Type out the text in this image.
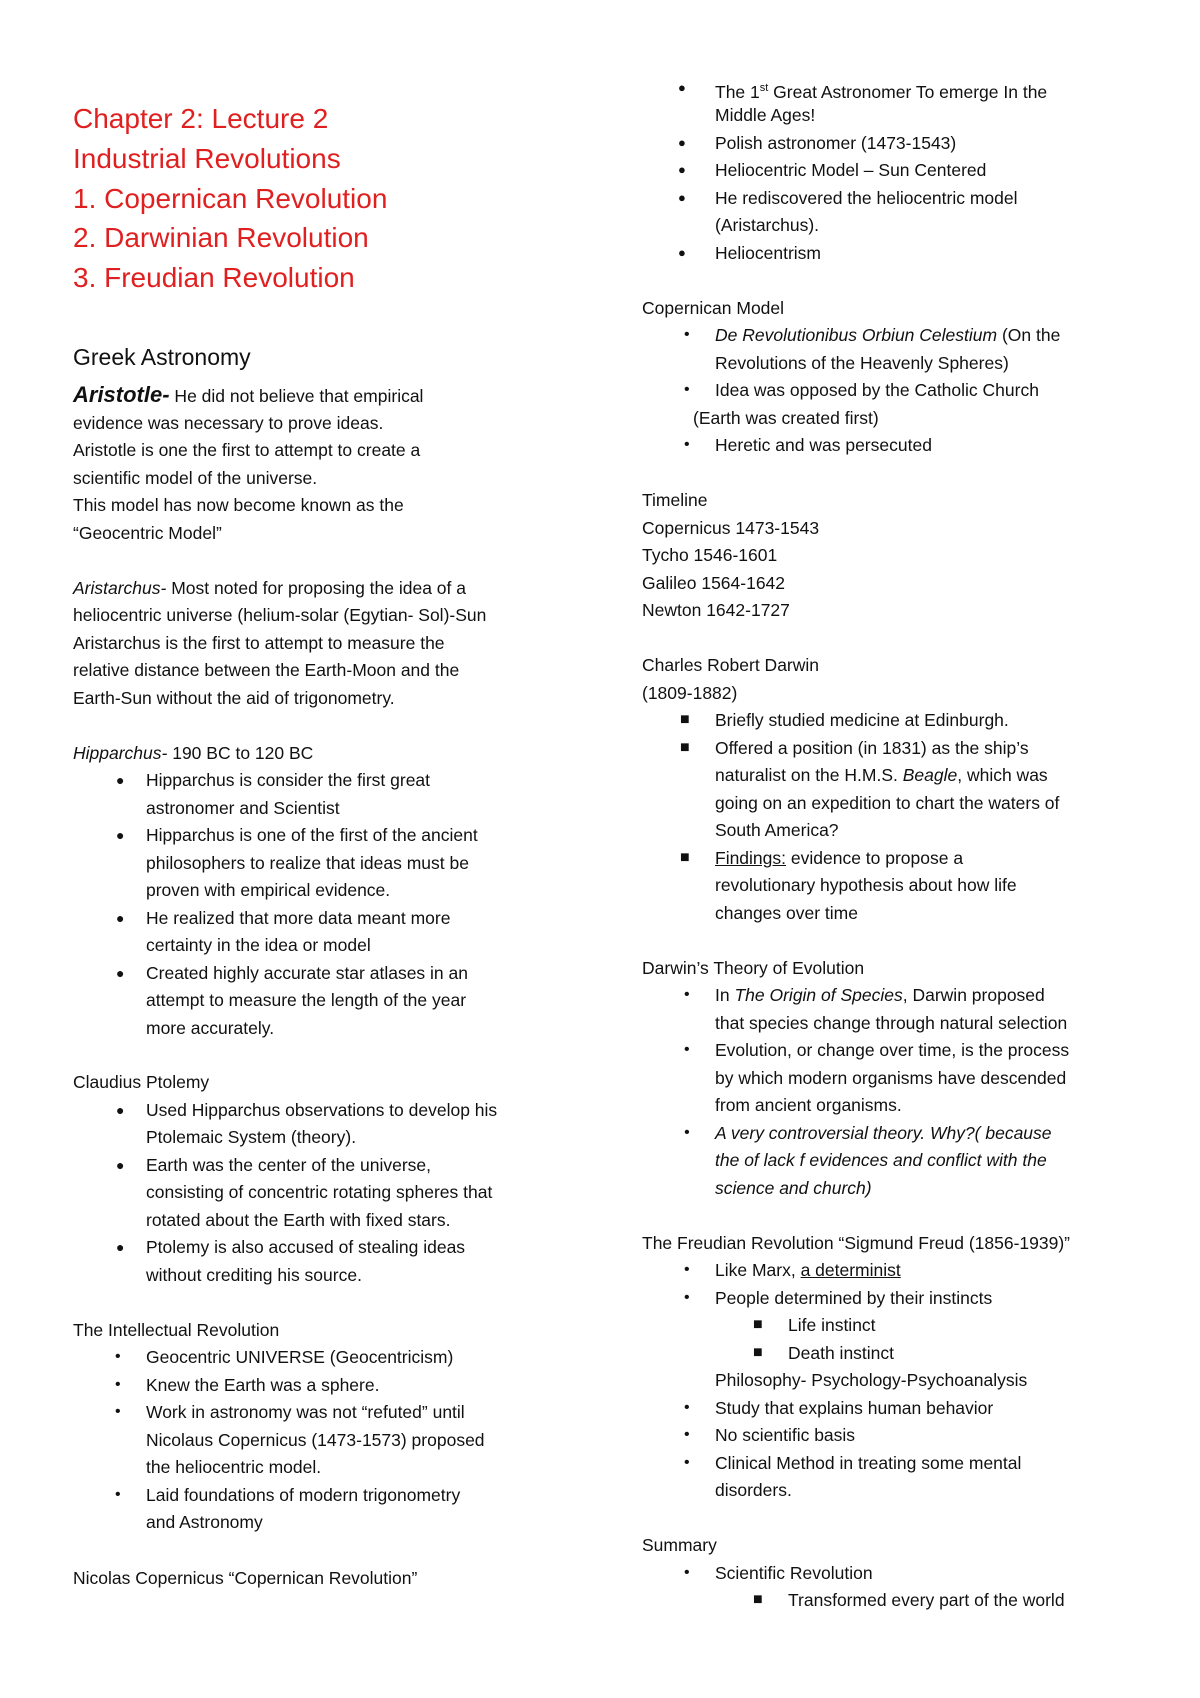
Chapter 2: Lecture 2
Industrial Revolutions
1. Copernican Revolution
2. Darwinian Revolution
3. Freudian Revolution
Greek Astronomy
Aristotle- He did not believe that empirical
evidence was necessary to prove ideas.
Aristotle is one the first to attempt to create a
scientific model of the universe.
This model has now become known as the
“Geocentric Model”
Aristarchus- Most noted for proposing the idea of a
heliocentric universe (helium-solar (Egytian- Sol)-Sun
Aristarchus is the first to attempt to measure the
relative distance between the Earth-Moon and the
Earth-Sun without the aid of trigonometry.
Hipparchus- 190 BC to 120 BC
● Hipparchus is consider the first great
astronomer and Scientist
● Hipparchus is one of the first of the ancient
philosophers to realize that ideas must be
proven with empirical evidence.
● He realized that more data meant more
certainty in the idea or model
● Created highly accurate star atlases in an
attempt to measure the length of the year
more accurately.
Claudius Ptolemy
● Used Hipparchus observations to develop his
Ptolemaic System (theory).
● Earth was the center of the universe,
consisting of concentric rotating spheres that
rotated about the Earth with fixed stars.
● Ptolemy is also accused of stealing ideas
without crediting his source.
The Intellectual Revolution
• Geocentric UNIVERSE (Geocentricism)
• Knew the Earth was a sphere.
• Work in astronomy was not “refuted” until
Nicolaus Copernicus (1473-1573) proposed
the heliocentric model.
• Laid foundations of modern trigonometry
and Astronomy
Nicolas Copernicus “Copernican Revolution”
● The 1st Great Astronomer To emerge In the
Middle Ages!
● Polish astronomer (1473-1543)
● Heliocentric Model – Sun Centered
● He rediscovered the heliocentric model
(Aristarchus).
● Heliocentrism
Copernican Model
• De Revolutionibus Orbiun Celestium (On the
Revolutions of the Heavenly Spheres)
• Idea was opposed by the Catholic Church
(Earth was created first)
• Heretic and was persecuted
Timeline
Copernicus 1473-1543
Tycho 1546-1601
Galileo 1564-1642
Newton 1642-1727
Charles Robert Darwin
(1809-1882)
■ Briefly studied medicine at Edinburgh.
■ Offered a position (in 1831) as the ship’s
naturalist on the H.M.S. Beagle, which was
going on an expedition to chart the waters of
South America?
■ Findings: evidence to propose a
revolutionary hypothesis about how life
changes over time
Darwin’s Theory of Evolution
• In The Origin of Species, Darwin proposed
that species change through natural selection
• Evolution, or change over time, is the process
by which modern organisms have descended
from ancient organisms.
• A very controversial theory. Why?( because
the of lack f evidences and conflict with the
science and church)
The Freudian Revolution “Sigmund Freud (1856-1939)”
• Like Marx, a determinist
• People determined by their instincts
■ Life instinct
■ Death instinct
Philosophy- Psychology-Psychoanalysis
• Study that explains human behavior
• No scientific basis
• Clinical Method in treating some mental
disorders.
Summary
• Scientific Revolution
■ Transformed every part of the world
